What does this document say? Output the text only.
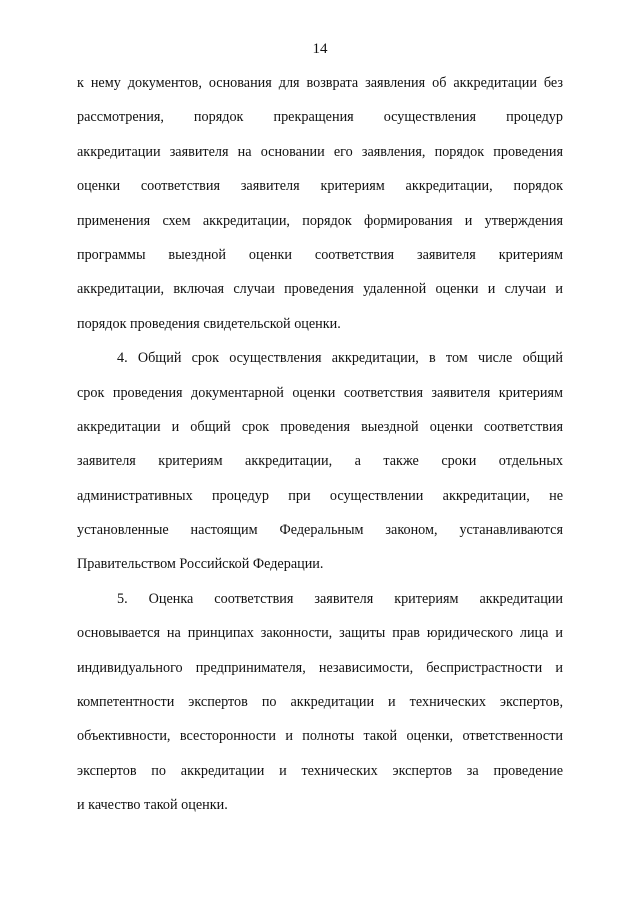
14
к нему документов, основания для возврата заявления об аккредитации без
рассмотрения, порядок прекращения осуществления процедур
аккредитации заявителя на основании его заявления, порядок проведения
оценки соответствия заявителя критериям аккредитации, порядок
применения схем аккредитации, порядок формирования и утверждения
программы выездной оценки соответствия заявителя критериям
аккредитации, включая случаи проведения удаленной оценки и случаи и
порядок проведения свидетельской оценки.
4. Общий срок осуществления аккредитации, в том числе общий
срок проведения документарной оценки соответствия заявителя критериям
аккредитации и общий срок проведения выездной оценки соответствия
заявителя критериям аккредитации, а также сроки отдельных
административных процедур при осуществлении аккредитации, не
установленные настоящим Федеральным законом, устанавливаются
Правительством Российской Федерации.
5. Оценка соответствия заявителя критериям аккредитации
основывается на принципах законности, защиты прав юридического лица и
индивидуального предпринимателя, независимости, беспристрастности и
компетентности экспертов по аккредитации и технических экспертов,
объективности, всесторонности и полноты такой оценки, ответственности
экспертов по аккредитации и технических экспертов за проведение
и качество такой оценки.
